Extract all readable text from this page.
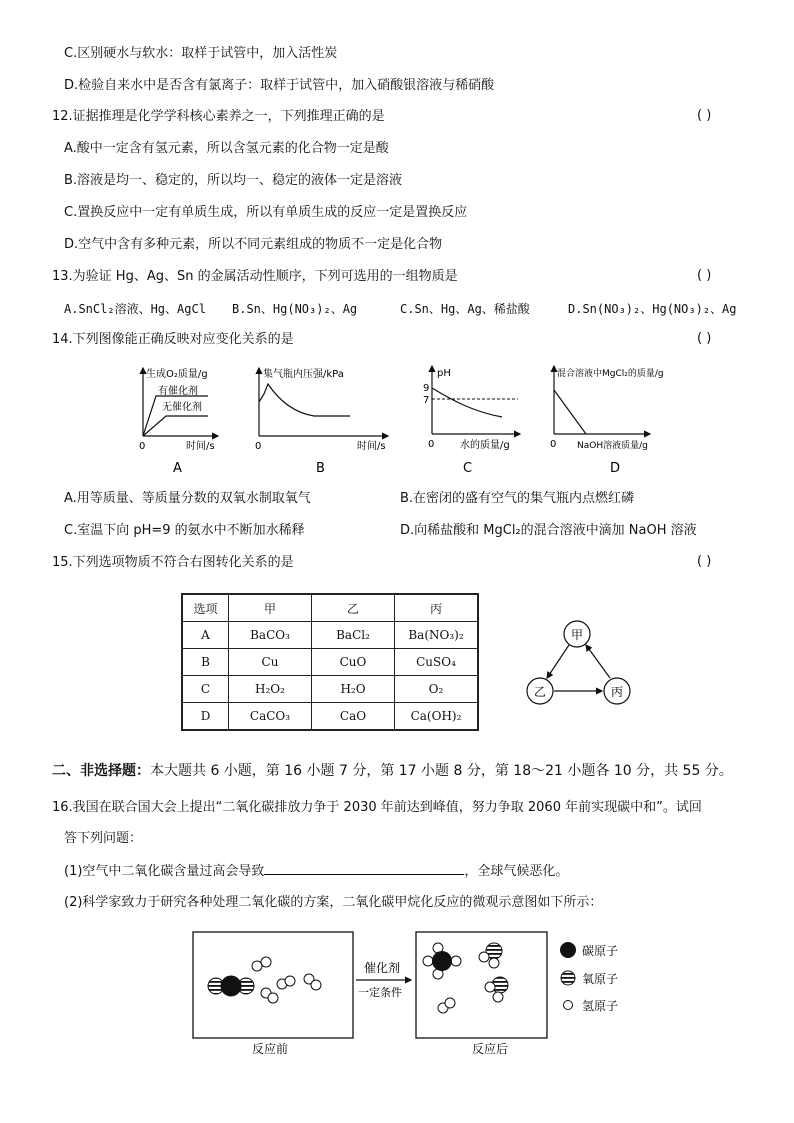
C.区别硬水与软水：取样于试管中，加入活性炭
D.检验自来水中是否含有氯离子：取样于试管中，加入硝酸银溶液与稀硝酸
12.证据推理是化学学科核心素养之一，下列推理正确的是	( )
A.酸中一定含有氢元素，所以含氢元素的化合物一定是酸
B.溶液是均一、稳定的，所以均一、稳定的液体一定是溶液
C.置换反应中一定有单质生成，所以有单质生成的反应一定是置换反应
D.空气中含有多种元素，所以不同元素组成的物质不一定是化合物
13.为验证 Hg、Ag、Sn 的金属活动性顺序，下列可选用的一组物质是	( )
A.SnCl₂溶液、Hg、AgCl B.Sn、Hg(NO₃)₂、Ag	C.Sn、Hg、Ag、稀盐酸	D.Sn(NO₃)₂、Hg(NO₃)₂、Ag
14.下列图像能正确反映对应变化关系的是	( )
生成O₂质量/g
有催化剂
无催化剂
0	时间/s
A
集气瓶内压强/kPa
0	时间/s
B
pH
9
7
0	水的质量/g
C
混合溶液中MgCl₂的质量/g
0 NaOH溶液质量/g
D
A.用等质量、等质量分数的双氧水制取氧气	B.在密闭的盛有空气的集气瓶内点燃红磷
C.室温下向 pH=9 的氨水中不断加水稀释	D.向稀盐酸和 MgCl₂的混合溶液中滴加 NaOH 溶液
15.下列选项物质不符合右图转化关系的是	( )
选项	甲	乙	丙
A	BaCO₃	BaCl₂	Ba(NO₃)₂
B	Cu	CuO	CuSO₄
C	H₂O₂	H₂O	O₂
D	CaCO₃	CaO	Ca(OH)₂
甲
乙	丙
二、非选择题：本大题共 6 小题，第 16 小题 7 分，第 17 小题 8 分，第 18～21 小题各 10 分，共 55 分。
16.我国在联合国大会上提出“二氧化碳排放力争于 2030 年前达到峰值，努力争取 2060 年前实现碳中和”。试回
答下列问题：
(1)空气中二氧化碳含量过高会导致	，全球气候恶化。
(2)科学家致力于研究各种处理二氧化碳的方案，二氧化碳甲烷化反应的微观示意图如下所示：
催化剂
一定条件
碳原子
氧原子
氢原子
反应前	反应后
